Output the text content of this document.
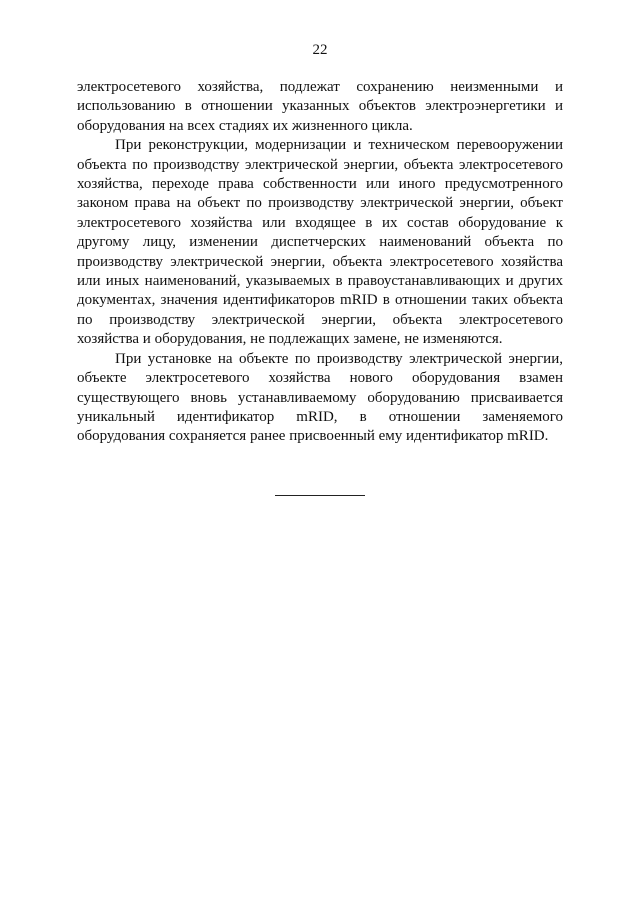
22

электросетевого хозяйства, подлежат сохранению неизменными и использованию в отношении указанных объектов электроэнергетики и оборудования на всех стадиях их жизненного цикла.

При реконструкции, модернизации и техническом перевооружении объекта по производству электрической энергии, объекта электросетевого хозяйства, переходе права собственности или иного предусмотренного законом права на объект по производству электрической энергии, объект электросетевого хозяйства или входящее в их состав оборудование к другому лицу, изменении диспетчерских наименований объекта по производству электрической энергии, объекта электросетевого хозяйства или иных наименований, указываемых в правоустанавливающих и других документах, значения идентификаторов mRID в отношении таких объекта по производству электрической энергии, объекта электросетевого хозяйства и оборудования, не подлежащих замене, не изменяются.

При установке на объекте по производству электрической энергии, объекте электросетевого хозяйства нового оборудования взамен существующего вновь устанавливаемому оборудованию присваивается уникальный идентификатор mRID, в отношении заменяемого оборудования сохраняется ранее присвоенный ему идентификатор mRID.
